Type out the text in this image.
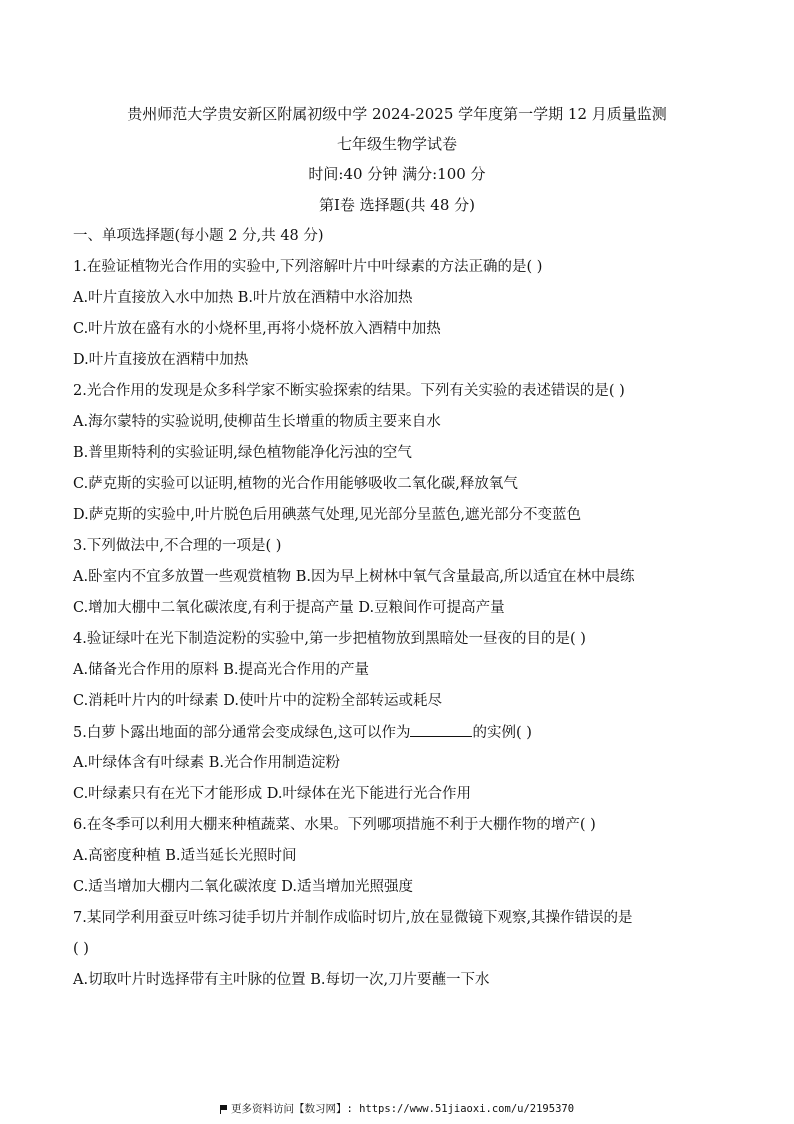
贵州师范大学贵安新区附属初级中学 2024-2025 学年度第一学期 12 月质量监测
七年级生物学试卷
时间:40 分钟 满分:100 分
第Ⅰ卷 选择题(共 48 分)
一、单项选择题(每小题 2 分,共 48 分)
1.在验证植物光合作用的实验中,下列溶解叶片中叶绿素的方法正确的是( )
A.叶片直接放入水中加热 B.叶片放在酒精中水浴加热
C.叶片放在盛有水的小烧杯里,再将小烧杯放入酒精中加热
D.叶片直接放在酒精中加热
2.光合作用的发现是众多科学家不断实验探索的结果。下列有关实验的表述错误的是( )
A.海尔蒙特的实验说明,使柳苗生长增重的物质主要来自水
B.普里斯特利的实验证明,绿色植物能净化污浊的空气
C.萨克斯的实验可以证明,植物的光合作用能够吸收二氧化碳,释放氧气
D.萨克斯的实验中,叶片脱色后用碘蒸气处理,见光部分呈蓝色,遮光部分不变蓝色
3.下列做法中,不合理的一项是( )
A.卧室内不宜多放置一些观赏植物 B.因为早上树林中氧气含量最高,所以适宜在林中晨练
C.增加大棚中二氧化碳浓度,有利于提高产量 D.豆粮间作可提高产量
4.验证绿叶在光下制造淀粉的实验中,第一步把植物放到黑暗处一昼夜的目的是( )
A.储备光合作用的原料 B.提高光合作用的产量
C.消耗叶片内的叶绿素 D.使叶片中的淀粉全部转运或耗尽
5.白萝卜露出地面的部分通常会变成绿色,这可以作为	的实例( )
A.叶绿体含有叶绿素 B.光合作用制造淀粉
C.叶绿素只有在光下才能形成 D.叶绿体在光下能进行光合作用
6.在冬季可以利用大棚来种植蔬菜、水果。下列哪项措施不利于大棚作物的增产( )
A.高密度种植 B.适当延长光照时间
C.适当增加大棚内二氧化碳浓度 D.适当增加光照强度
7.某同学利用蚕豆叶练习徒手切片并制作成临时切片,放在显微镜下观察,其操作错误的是
( )
A.切取叶片时选择带有主叶脉的位置 B.每切一次,刀片要蘸一下水
更多资料访问【数习网】: https://www.51jiaoxi.com/u/2195370
